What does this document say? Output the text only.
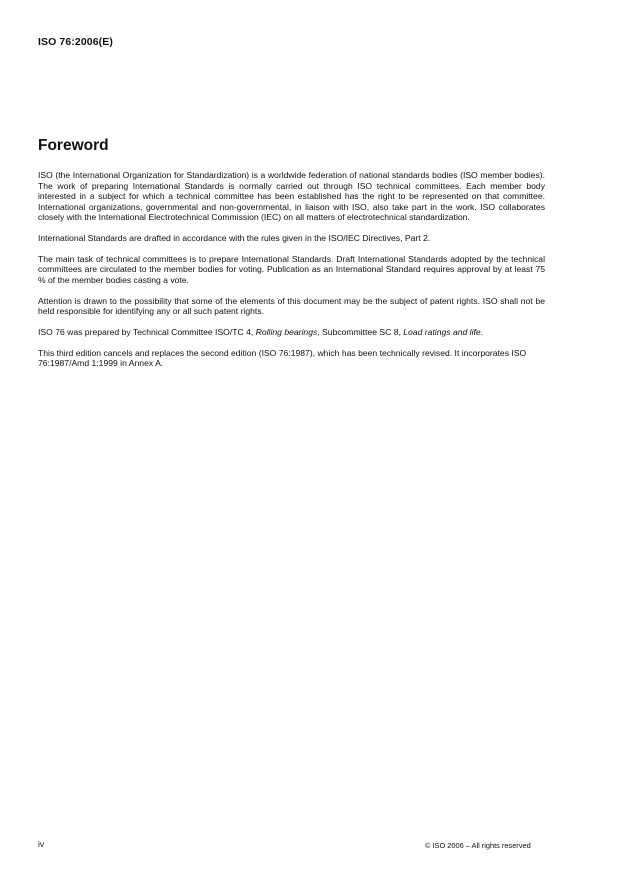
ISO 76:2006(E)
Foreword

ISO (the International Organization for Standardization) is a worldwide federation of national standards bodies (ISO member bodies). The work of preparing International Standards is normally carried out through ISO technical committees. Each member body interested in a subject for which a technical committee has been established has the right to be represented on that committee. International organizations, governmental and non-governmental, in liaison with ISO, also take part in the work. ISO collaborates closely with the International Electrotechnical Commission (IEC) on all matters of electrotechnical standardization.

International Standards are drafted in accordance with the rules given in the ISO/IEC Directives, Part 2.

The main task of technical committees is to prepare International Standards. Draft International Standards adopted by the technical committees are circulated to the member bodies for voting. Publication as an International Standard requires approval by at least 75 % of the member bodies casting a vote.

Attention is drawn to the possibility that some of the elements of this document may be the subject of patent rights. ISO shall not be held responsible for identifying any or all such patent rights.

ISO 76 was prepared by Technical Committee ISO/TC 4, Rolling bearings, Subcommittee SC 8, Load ratings and life.

This third edition cancels and replaces the second edition (ISO 76:1987), which has been technically revised. It incorporates ISO 76:1987/Amd 1:1999 in Annex A.

iv	© ISO 2006 – All rights reserved
